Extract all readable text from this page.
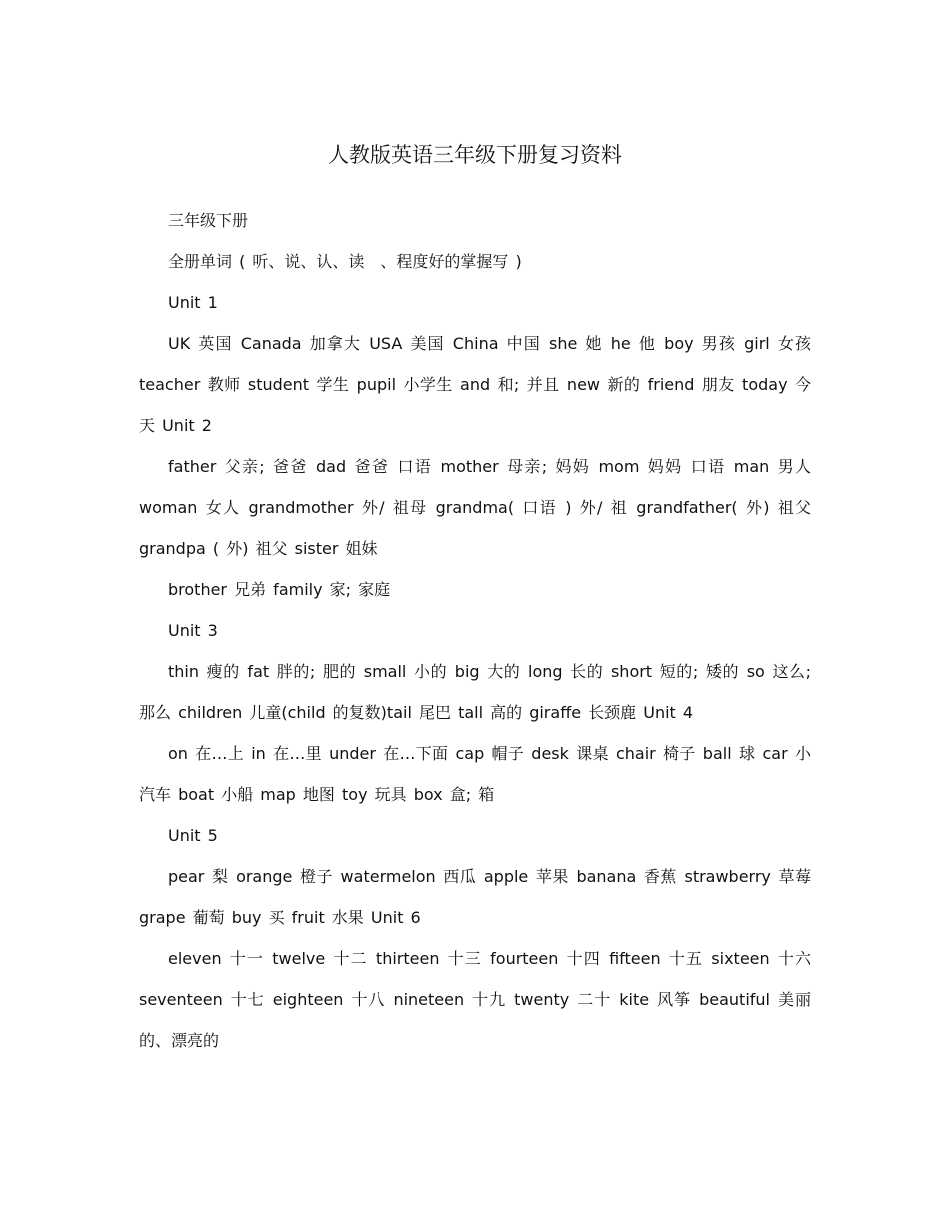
人教版英语三年级下册复习资料

三年级下册

全册单词 ( 听、说、认、读　、程度好的掌握写 )

Unit 1

UK 英国 Canada 加拿大 USA 美国 China 中国 she 她 he 他 boy 男孩 girl 女孩 teacher 教师 student 学生 pupil 小学生 and 和; 并且 new 新的 friend 朋友 today 今天 Unit 2

father 父亲; 爸爸 dad 爸爸 口语 mother 母亲; 妈妈 mom 妈妈 口语 man 男人 woman 女人 grandmother 外/ 祖母 grandma( 口语 ) 外/ 祖 grandfather( 外) 祖父 grandpa ( 外) 祖父 sister 姐妹

brother 兄弟 family 家; 家庭

Unit 3

thin 瘦的 fat 胖的; 肥的 small 小的 big 大的 long 长的 short 短的; 矮的 so 这么; 那么 children 儿童(child 的复数)tail 尾巴 tall 高的 giraffe 长颈鹿 Unit 4

on 在…上 in 在…里 under 在…下面 cap 帽子 desk 课桌 chair 椅子 ball 球 car 小汽车 boat 小船 map 地图 toy 玩具 box 盒; 箱

Unit 5

pear 梨 orange 橙子 watermelon 西瓜 apple 苹果 banana 香蕉 strawberry 草莓 grape 葡萄 buy 买 fruit 水果 Unit 6

eleven 十一 twelve 十二 thirteen 十三 fourteen 十四 fifteen 十五 sixteen 十六 seventeen 十七 eighteen 十八 nineteen 十九 twenty 二十 kite 风筝 beautiful 美丽的、漂亮的
